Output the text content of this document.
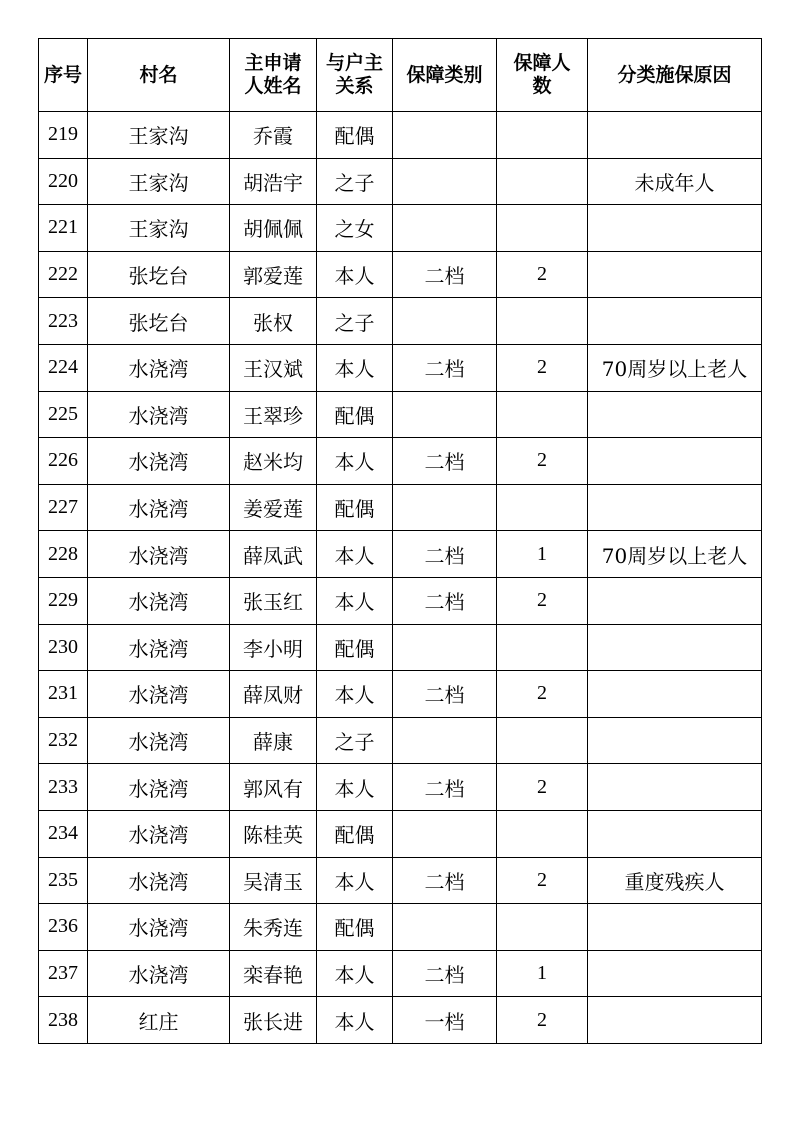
序号	村名	主申请人姓名	与户主关系	保障类别	保障人数	分类施保原因
219	王家沟	乔霞	配偶			
220	王家沟	胡浩宇	之子			未成年人
221	王家沟	胡佩佩	之女			
222	张圪台	郭爱莲	本人	二档	2	
223	张圪台	张权	之子			
224	水浇湾	王汉斌	本人	二档	2	70周岁以上老人
225	水浇湾	王翠珍	配偶			
226	水浇湾	赵米均	本人	二档	2	
227	水浇湾	姜爱莲	配偶			
228	水浇湾	薛凤武	本人	二档	1	70周岁以上老人
229	水浇湾	张玉红	本人	二档	2	
230	水浇湾	李小明	配偶			
231	水浇湾	薛凤财	本人	二档	2	
232	水浇湾	薛康	之子			
233	水浇湾	郭风有	本人	二档	2	
234	水浇湾	陈桂英	配偶			
235	水浇湾	吴清玉	本人	二档	2	重度残疾人
236	水浇湾	朱秀连	配偶			
237	水浇湾	栾春艳	本人	二档	1	
238	红庄	张长进	本人	一档	2	
